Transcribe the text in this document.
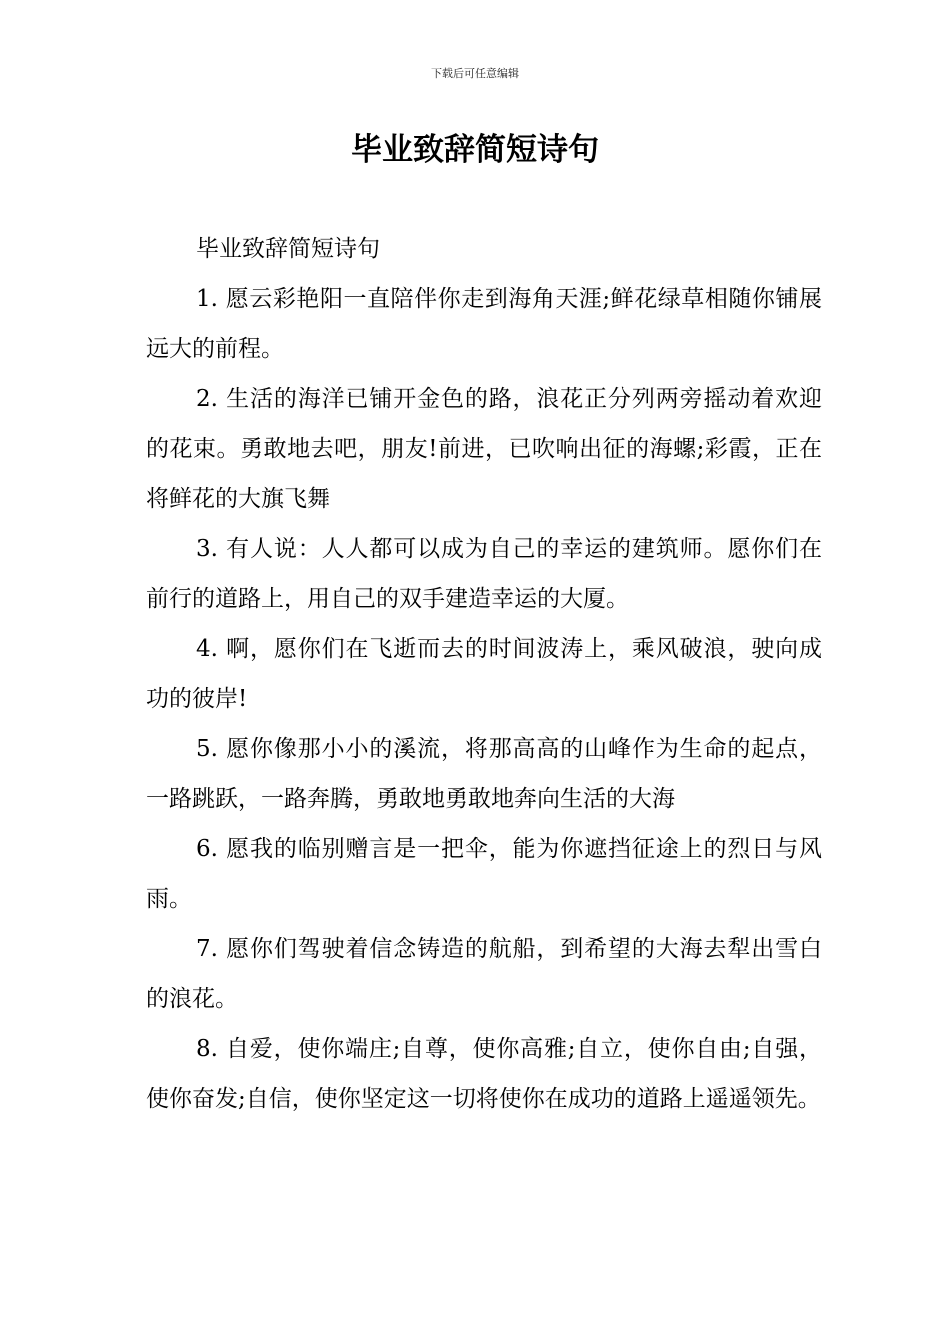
下载后可任意编辑
毕业致辞简短诗句

毕业致辞简短诗句

1. 愿云彩艳阳一直陪伴你走到海角天涯;鲜花绿草相随你铺展远大的前程。

2. 生活的海洋已铺开金色的路，浪花正分列两旁摇动着欢迎的花束。勇敢地去吧，朋友!前进，已吹响出征的海螺;彩霞，正在将鲜花的大旗飞舞

3. 有人说：人人都可以成为自己的幸运的建筑师。愿你们在前行的道路上，用自己的双手建造幸运的大厦。

4. 啊，愿你们在飞逝而去的时间波涛上，乘风破浪，驶向成功的彼岸!

5. 愿你像那小小的溪流，将那高高的山峰作为生命的起点，一路跳跃，一路奔腾，勇敢地勇敢地奔向生活的大海

6. 愿我的临别赠言是一把伞，能为你遮挡征途上的烈日与风雨。

7. 愿你们驾驶着信念铸造的航船，到希望的大海去犁出雪白的浪花。

8. 自爱，使你端庄;自尊，使你高雅;自立，使你自由;自强，使你奋发;自信，使你坚定这一切将使你在成功的道路上遥遥领先。
